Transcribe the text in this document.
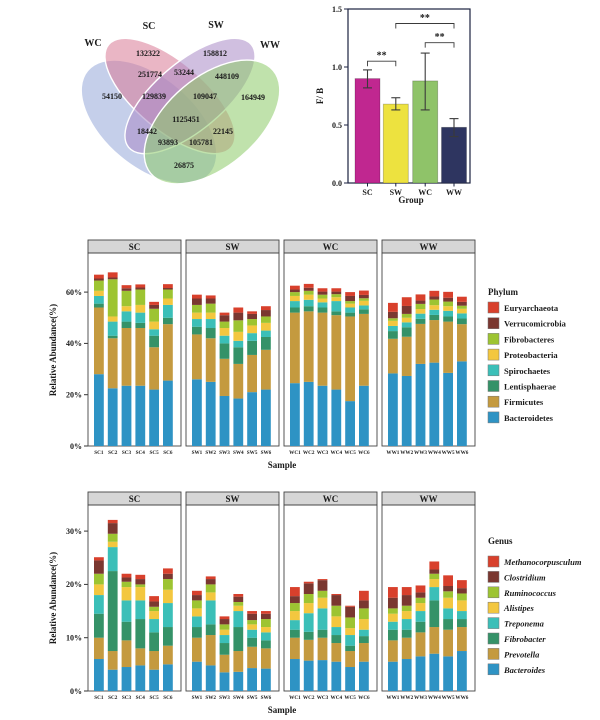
WC
SC	SW
WW
54150
132322	158812
164949
251774 53244	448109
129839	109047
18442	22145
93893 105781
26875
1125451
F/ B
Group
0.0
0.5
1.0
1.5
SC SW WC WW
**
**
**
Relative Abundance(%)
Sample
Phylum
0%
20%
40%
60%
SC
SC1 SC2 SC3 SC4 SC5 SC6
SW
SW1 SW2 SW3 SW4 SW5 SW6
WC
WC1 WC2 WC3 WC4 WC5 WC6
WW
WW1 WW2 WW3 WW4 WW5 WW6
Euryarchaeota
Verrucomicrobia
Fibrobacteres
Proteobacteria
Spirochaetes
Lentisphaerae
Firmicutes
Bacteroidetes
Relative Abundance(%)
Sample
Genus
0%
10%
20%
30%
SC
SC1 SC2 SC3 SC4 SC5 SC6
SW
SW1 SW2 SW3 SW4 SW5 SW6
WC
WC1 WC2 WC3 WC4 WC5 WC6
WW
WW1 WW2 WW3 WW4 WW5 WW6
Methanocorpusculum
Clostridium
Ruminococcus
Alistipes
Treponema
Fibrobacter
Prevotella
Bacteroides
